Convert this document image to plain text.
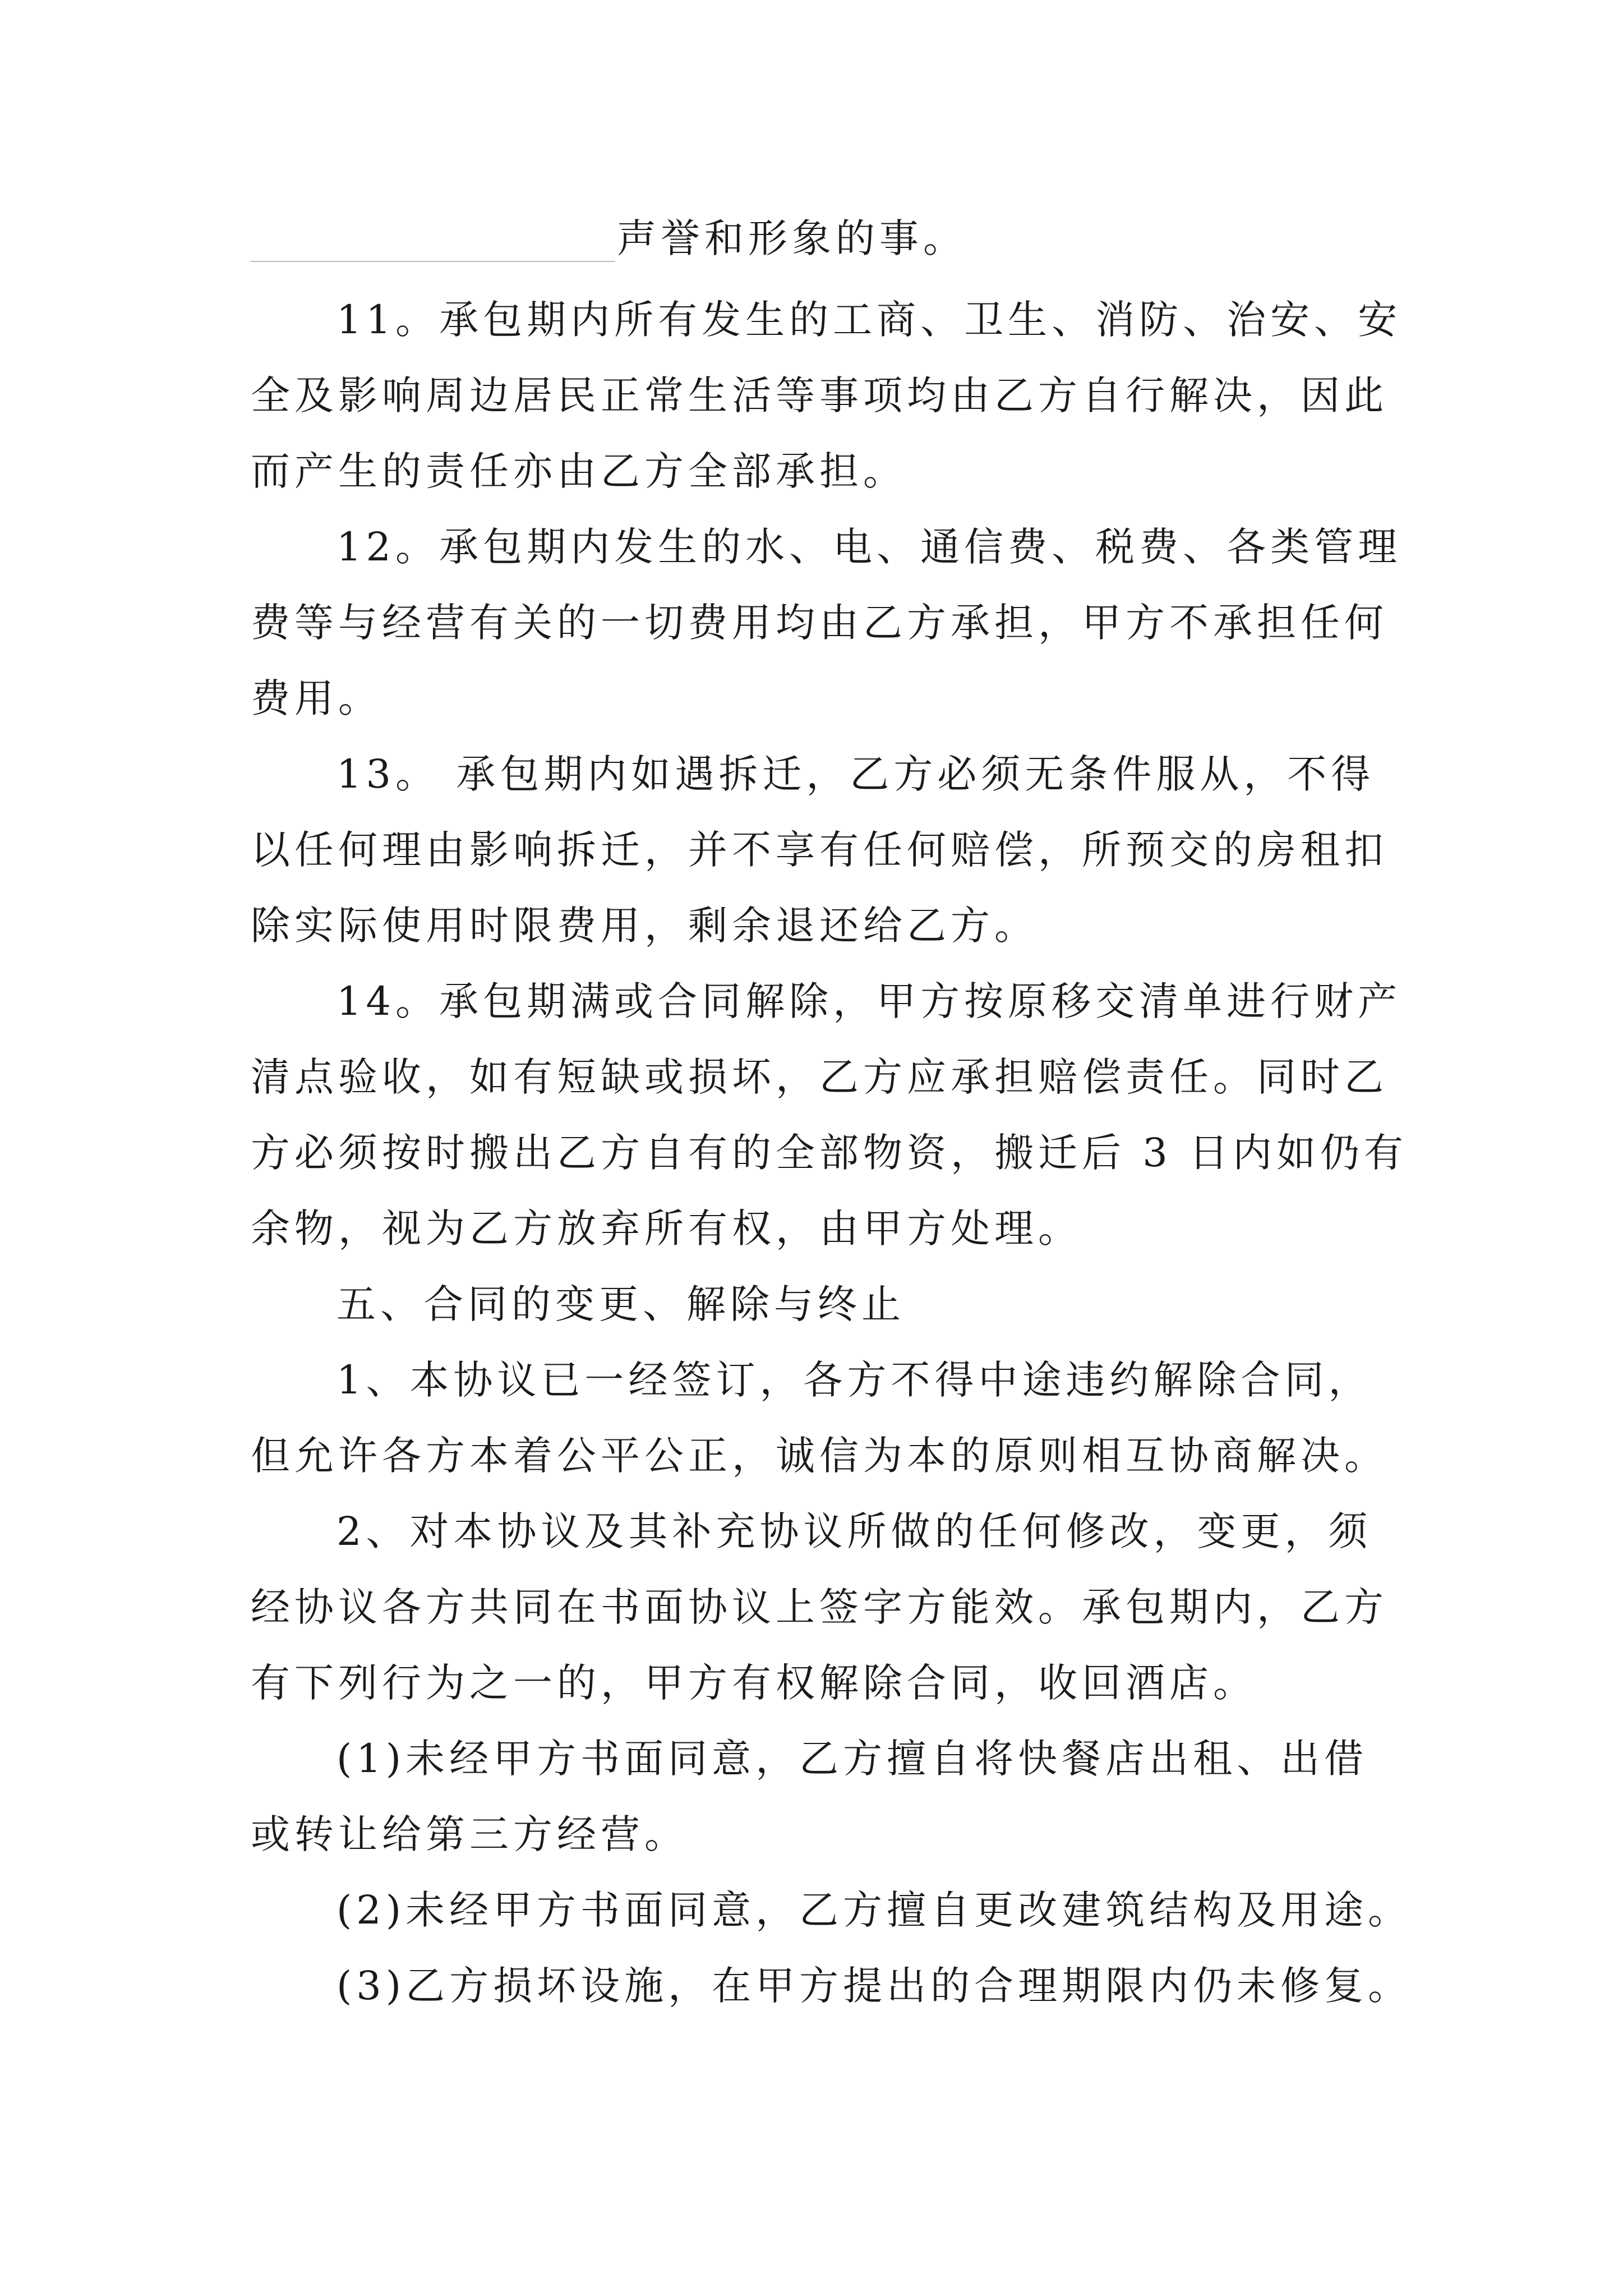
声誉和形象的事。
11。承包期内所有发生的工商、卫生、消防、治安、安
全及影响周边居民正常生活等事项均由乙方自行解决，因此
而产生的责任亦由乙方全部承担。
12。承包期内发生的水、电、通信费、税费、各类管理
费等与经营有关的一切费用均由乙方承担，甲方不承担任何
费用。
13。 承包期内如遇拆迁，乙方必须无条件服从，不得
以任何理由影响拆迁，并不享有任何赔偿，所预交的房租扣
除实际使用时限费用，剩余退还给乙方。
14。承包期满或合同解除，甲方按原移交清单进行财产
清点验收，如有短缺或损坏，乙方应承担赔偿责任。同时乙
方必须按时搬出乙方自有的全部物资，搬迁后 3 日内如仍有
余物，视为乙方放弃所有权，由甲方处理。
五、合同的变更、解除与终止
1、本协议已一经签订，各方不得中途违约解除合同，
但允许各方本着公平公正，诚信为本的原则相互协商解决。
2、对本协议及其补充协议所做的任何修改，变更，须
经协议各方共同在书面协议上签字方能效。承包期内，乙方
有下列行为之一的，甲方有权解除合同，收回酒店。
(1)未经甲方书面同意，乙方擅自将快餐店出租、出借
或转让给第三方经营。
(2)未经甲方书面同意，乙方擅自更改建筑结构及用途。
(3)乙方损坏设施，在甲方提出的合理期限内仍未修复。
